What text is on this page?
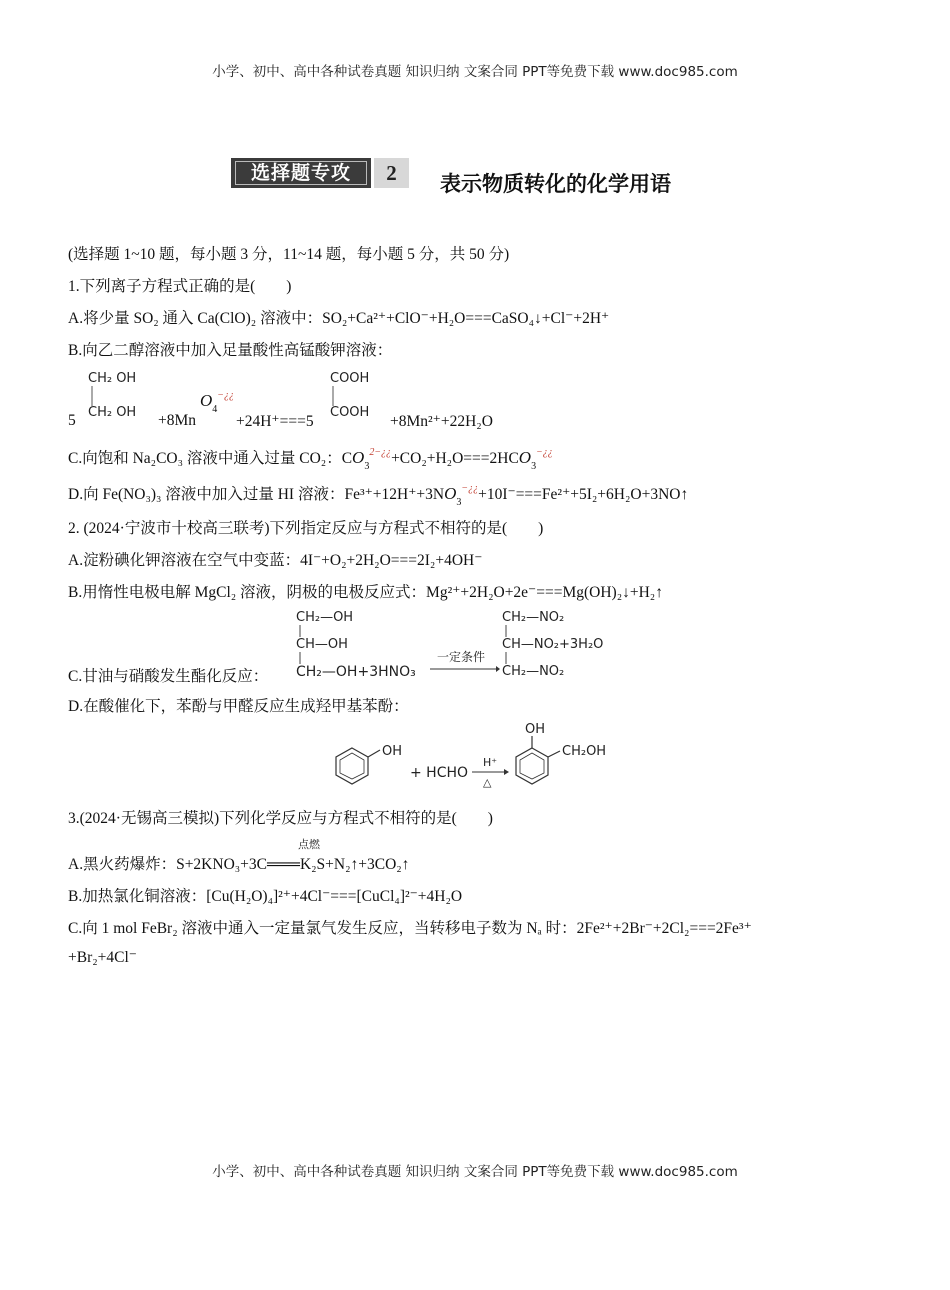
小学、初中、高中各种试卷真题 知识归纳 文案合同 PPT等免费下载 www.doc985.com
选择题专攻	2	表示物质转化的化学用语
(选择题 1~10 题，每小题 3 分，11~14 题，每小题 5 分，共 50 分)
1.下列离子方程式正确的是(　　)
A.将少量 SO₂ 通入 Ca(ClO)₂ 溶液中：SO₂+Ca²⁺+ClO⁻+H₂O===CaSO₄↓+Cl⁻+2H⁺
B.向乙二醇溶液中加入足量酸性高锰酸钾溶液：
5
CH₂ OH
CH₂ OH +8Mn
$O_4^{-¿¿}$
+24H⁺===5
COOH
COOH
+8Mn²⁺+22H₂O
C.向饱和 Na₂CO₃ 溶液中通入过量 CO₂：$CO_3^{2-¿¿}+CO_2+H_2O===2HCO_3^{-¿¿}$
D.向 Fe(NO₃)₃ 溶液中加入过量 HI 溶液：$Fe^{3+}+12H^++3NO_3^{-¿¿}+10I^-===Fe^{2+}+5I_2+6H_2O+3NO↑$
2. (2024·宁波市十校高三联考)下列指定反应与方程式不相符的是(　　)
A.淀粉碘化钾溶液在空气中变蓝：4I⁻+O₂+2H₂O===2I₂+4OH⁻
B.用惰性电极电解 MgCl₂ 溶液，阴极的电极反应式：Mg²⁺+2H₂O+2e⁻===Mg(OH)₂↓+H₂↑
C.甘油与硝酸发生酯化反应：
CH₂—OH
CH—OH
CH₂—OH+3HNO₃
一定条件
CH₂—NO₂
CH—NO₂+3H₂O
CH₂—NO₂
D.在酸催化下，苯酚与甲醛反应生成羟甲基苯酚：
OH
+ HCHO
H⁺
△
OH
CH₂OH
3.(2024·无锡高三模拟)下列化学反应与方程式不相符的是(　　)
点燃
A.黑火药爆炸：S+2KNO₃+3C═══K₂S+N₂↑+3CO₂↑
B.加热氯化铜溶液：[Cu(H₂O)₄]²⁺+4Cl⁻===[CuCl₄]²⁻+4H₂O
C.向 1 mol FeBr₂ 溶液中通入一定量氯气发生反应，当转移电子数为 Nₐ 时：2Fe²⁺+2Br⁻+2Cl₂===2Fe³⁺
+Br₂+4Cl⁻
小学、初中、高中各种试卷真题 知识归纳 文案合同 PPT等免费下载 www.doc985.com
